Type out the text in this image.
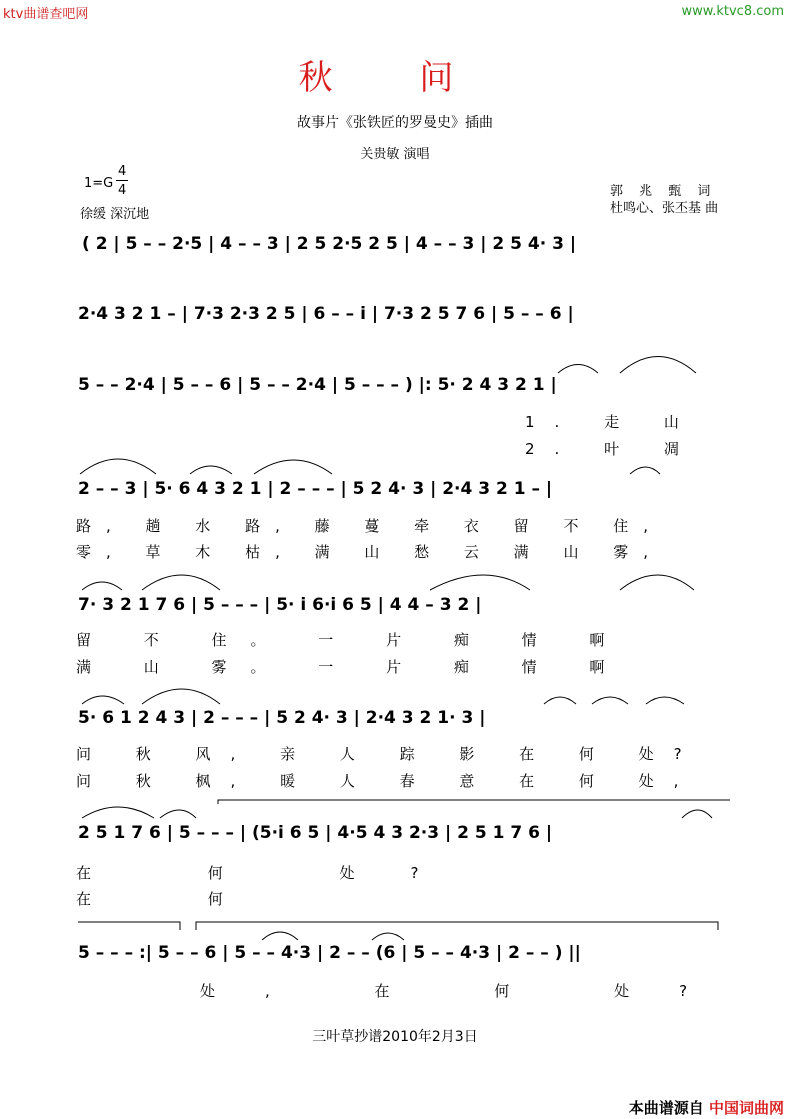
ktv曲谱查吧网	www.ktvc8.com
秋 问
故事片《张铁匠的罗曼史》插曲
关贵敏 演唱
1=G
4
4
徐缓 深沉地
郭 兆 甄 词
杜鸣心、张丕基 曲
( 2 | 5 – – 2·5 | 4 – – 3 | 2 5 2·5 2 5 | 4 – – 3 | 2 5 4· 3 |
2·4 3 2 1 – | 7·3 2·3 2 5 | 6 – – i | 7·3 2 5 7 6 | 5 – – 6 |
5 – – 2·4 | 5 – – 6 | 5 – – 2·4 | 5 – – – ) |: 5· 2 4 3 2 1 |
2 – – 3 | 5· 6 4 3 2 1 | 2 – – – | 5 2 4· 3 | 2·4 3 2 1 – |
7· 3 2 1 7 6 | 5 – – – | 5· i 6·i 6 5 | 4 4 – 3 2 |
5· 6 1 2 4 3 | 2 – – – | 5 2 4· 3 | 2·4 3 2 1· 3 |
2 5 1 7 6 | 5 – – – | (5·i 6 5 | 4·5 4 3 2·3 | 2 5 1 7 6 |
5 – – – :| 5 – – 6 | 5 – – 4·3 | 2 – – (6 | 5 – – 4·3 | 2 – – ) ||
1. 走 山
2. 叶 凋
路, 趟 水 路, 藤 蔓 牵 衣 留 不 住,
零, 草 木 枯, 满 山 愁 云 满 山 雾,
留 不 住。 一 片 痴 情 啊
满 山 雾。 一 片 痴 情 啊
问 秋 风, 亲 人 踪 影 在 何 处?
问 秋 枫, 暖 人 春 意 在 何 处,
在 何 处?
在 何
处, 在 何 处?
三叶草抄谱2010年2月3日
本曲谱源自 中国词曲网
